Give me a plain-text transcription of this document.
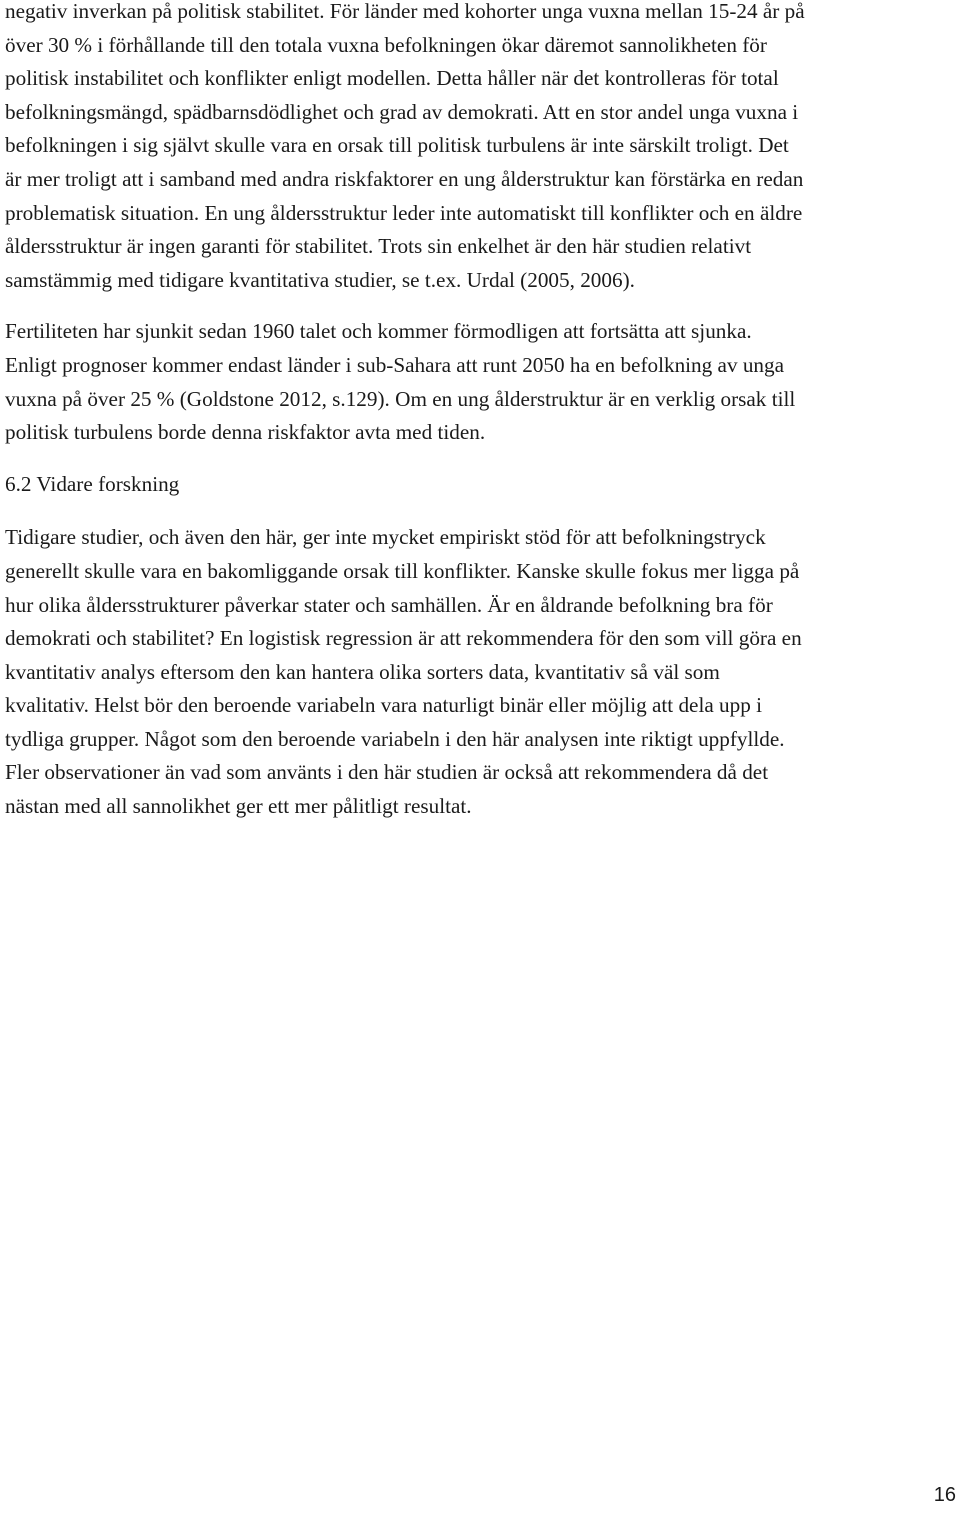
negativ inverkan på politisk stabilitet. För länder med kohorter unga vuxna mellan 15-24 år på
över 30 % i förhållande till den totala vuxna befolkningen ökar däremot sannolikheten för
politisk instabilitet och konflikter enligt modellen. Detta håller när det kontrolleras för total
befolkningsmängd, spädbarnsdödlighet och grad av demokrati. Att en stor andel unga vuxna i
befolkningen i sig självt skulle vara en orsak till politisk turbulens är inte särskilt troligt. Det
är mer troligt att i samband med andra riskfaktorer en ung ålderstruktur kan förstärka en redan
problematisk situation. En ung åldersstruktur leder inte automatiskt till konflikter och en äldre
åldersstruktur är ingen garanti för stabilitet. Trots sin enkelhet är den här studien relativt
samstämmig med tidigare kvantitativa studier, se t.ex. Urdal (2005, 2006).

Fertiliteten har sjunkit sedan 1960 talet och kommer förmodligen att fortsätta att sjunka.
Enligt prognoser kommer endast länder i sub-Sahara att runt 2050 ha en befolkning av unga
vuxna på över 25 % (Goldstone 2012, s.129). Om en ung ålderstruktur är en verklig orsak till
politisk turbulens borde denna riskfaktor avta med tiden.

6.2 Vidare forskning

Tidigare studier, och även den här, ger inte mycket empiriskt stöd för att befolkningstryck
generellt skulle vara en bakomliggande orsak till konflikter. Kanske skulle fokus mer ligga på
hur olika åldersstrukturer påverkar stater och samhällen. Är en åldrande befolkning bra för
demokrati och stabilitet? En logistisk regression är att rekommendera för den som vill göra en
kvantitativ analys eftersom den kan hantera olika sorters data, kvantitativ så väl som
kvalitativ. Helst bör den beroende variabeln vara naturligt binär eller möjlig att dela upp i
tydliga grupper. Något som den beroende variabeln i den här analysen inte riktigt uppfyllde.
Fler observationer än vad som använts i den här studien är också att rekommendera då det
nästan med all sannolikhet ger ett mer pålitligt resultat.

16
